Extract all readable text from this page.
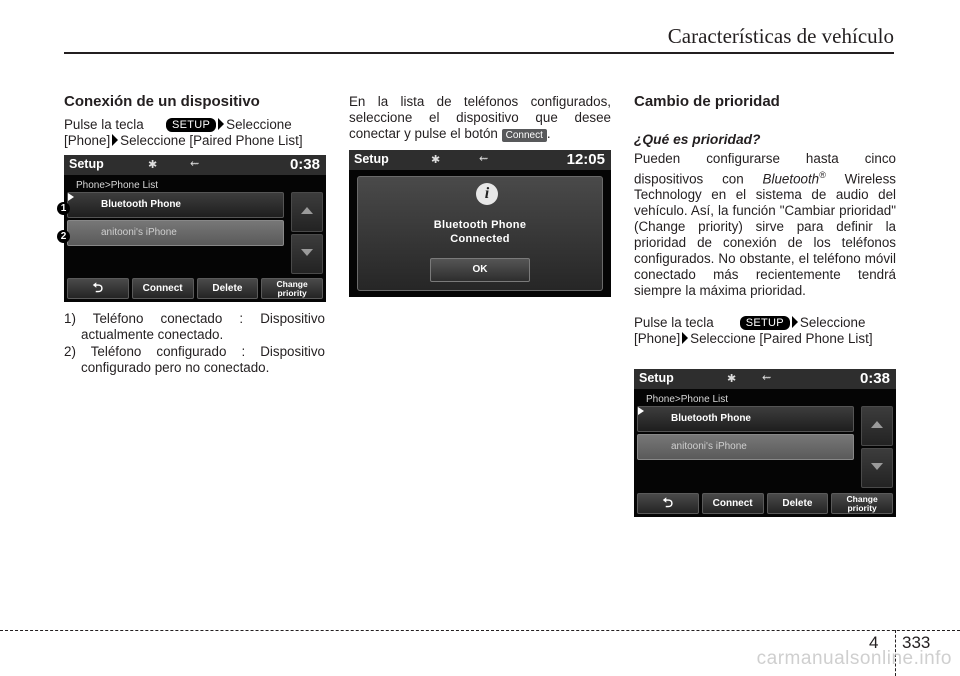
Características de vehículo
Conexión de un dispositivo

Pulse la tecla	SETUP Seleccione

[Phone] Seleccione [Paired Phone List]

Setup	✱	⇜	0:38
Phone>Phone List
Bluetooth Phone
anitooni's iPhone
⮌	Connect	Delete	Change
priority
1
2
1) Teléfono conectado : Dispositivo actualmente conectado.
2) Teléfono configurado : Dispositivo configurado pero no conectado.

En la lista de teléfonos configurados, seleccione el dispositivo que desee conectar y pulse el botón Connect .

Setup	✱	⇜	12:05
i
Bluetooth Phone
Connected
OK
Cambio de prioridad
¿Qué es prioridad?

Pueden configurarse hasta cinco dispositivos con Bluetooth® Wireless Technology en el sistema de audio del vehículo. Así, la función "Cambiar prioridad" (Change priority) sirve para definir la prioridad de conexión de los teléfonos configurados. No obstante, el teléfono móvil conectado más recientemente tendrá siempre la máxima prioridad.

Pulse la tecla	SETUP Seleccione

[Phone] Seleccione [Paired Phone List]

Setup	✱ ⇜	0:38
Phone>Phone List
Bluetooth Phone
anitooni's iPhone
⮌	Connect	Delete	Change
priority
4 333
carmanualsonline.info
